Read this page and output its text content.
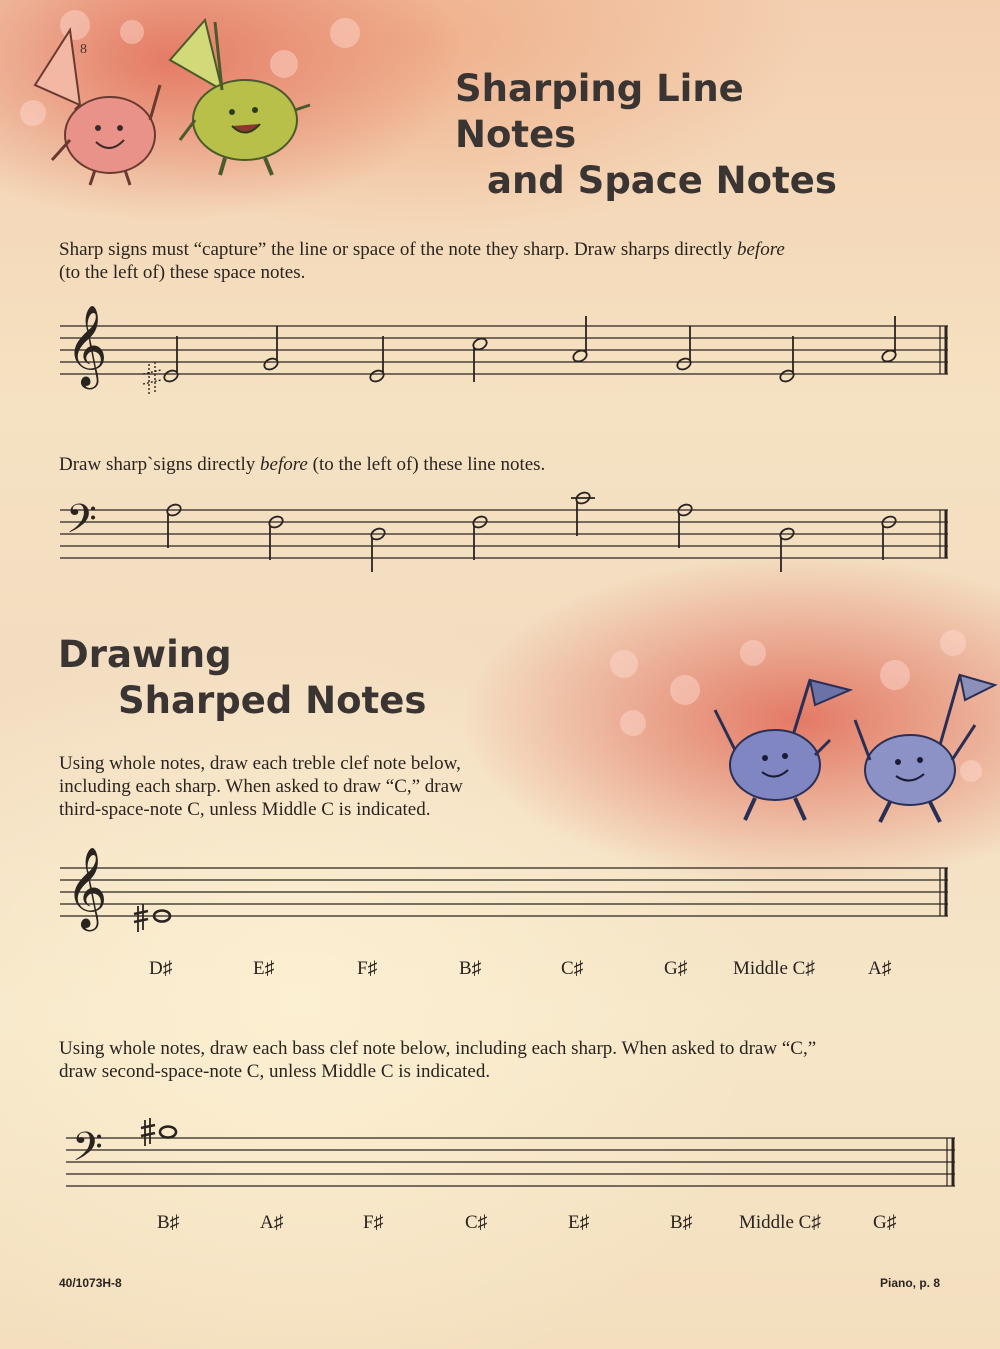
8
Sharping Line Notes
and Space Notes

Sharp signs must “capture” the line or space of the note they sharp. Draw sharps directly before
(to the left of) these space notes.

𝄞

Draw sharp`signs directly before (to the left of) these line notes.

𝄢
Drawing
Sharped Notes

Using whole notes, draw each treble clef note below,
including each sharp. When asked to draw “C,” draw
third-space-note C, unless Middle C is indicated.

𝄞
D♯	E♯	F♯	B♯	C♯	G♯ Middle C♯	A♯

Using whole notes, draw each bass clef note below, including each sharp. When asked to draw “C,”
draw second-space-note C, unless Middle C is indicated.

𝄢
B♯	A♯	F♯	C♯	E♯	B♯ Middle C♯	G♯
40/1073H-8	Piano, p. 8
